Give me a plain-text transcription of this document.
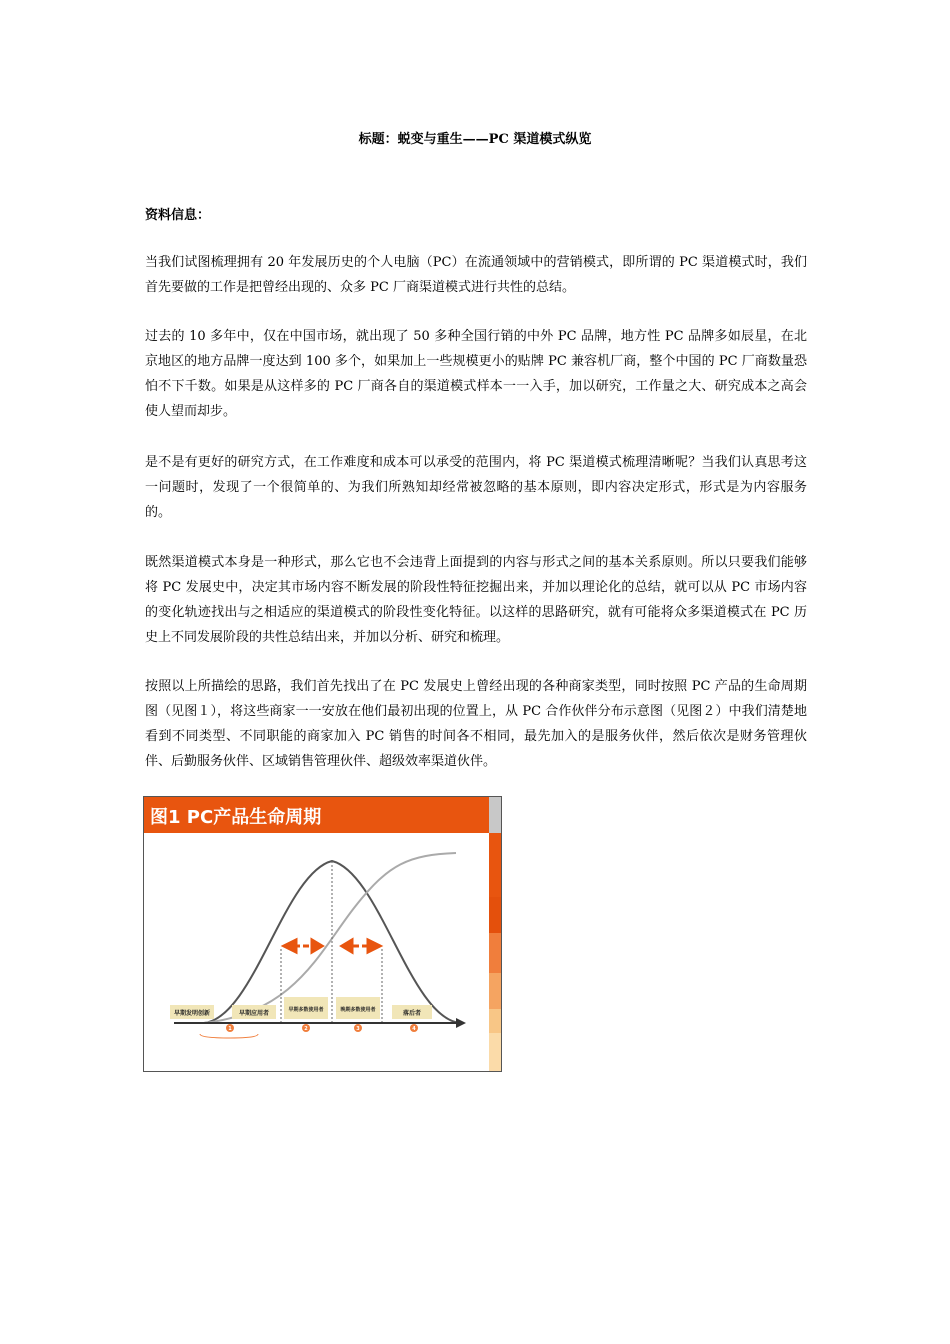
标题：蜕变与重生——PC 渠道模式纵览
资料信息：

当我们试图梳理拥有 20 年发展历史的个人电脑（PC）在流通领域中的营销模式，即所谓的 PC 渠道模式时，我们首先要做的工作是把曾经出现的、众多 PC 厂商渠道模式进行共性的总结。

过去的 10 多年中，仅在中国市场，就出现了 50 多种全国行销的中外 PC 品牌，地方性 PC 品牌多如辰星，在北京地区的地方品牌一度达到 100 多个，如果加上一些规模更小的贴牌 PC 兼容机厂商，整个中国的 PC 厂商数量恐怕不下千数。如果是从这样多的 PC 厂商各自的渠道模式样本一一入手，加以研究，工作量之大、研究成本之高会使人望而却步。

是不是有更好的研究方式，在工作难度和成本可以承受的范围内，将 PC 渠道模式梳理清晰呢？当我们认真思考这一问题时，发现了一个很简单的、为我们所熟知却经常被忽略的基本原则，即内容决定形式，形式是为内容服务的。

既然渠道模式本身是一种形式，那么它也不会违背上面提到的内容与形式之间的基本关系原则。所以只要我们能够将 PC 发展史中，决定其市场内容不断发展的阶段性特征挖掘出来，并加以理论化的总结，就可以从 PC 市场内容的变化轨迹找出与之相适应的渠道模式的阶段性变化特征。以这样的思路研究，就有可能将众多渠道模式在 PC 历史上不同发展阶段的共性总结出来，并加以分析、研究和梳理。

按照以上所描绘的思路，我们首先找出了在 PC 发展史上曾经出现的各种商家类型，同时按照 PC 产品的生命周期图（见图１），将这些商家一一安放在他们最初出现的位置上，从 PC 合作伙伴分布示意图（见图２）中我们清楚地看到不同类型、不同职能的商家加入 PC 销售的时间各不相同，最先加入的是服务伙伴，然后依次是财务管理伙伴、后勤服务伙伴、区域销售管理伙伴、超级效率渠道伙伴。

图1 PC产品生命周期
早期发明创新	早期应用者	早期多数使用者	晚期多数使用者	落后者
1	2	3	4
